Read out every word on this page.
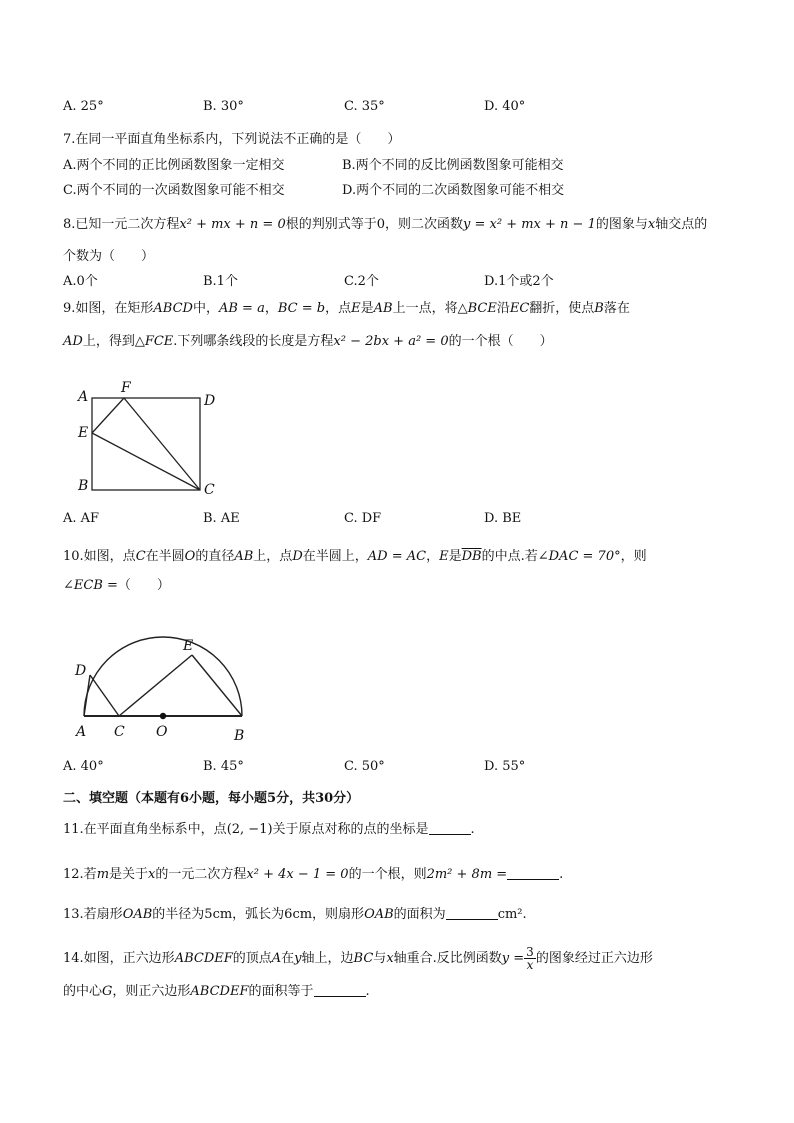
A. 25°	B. 30°	C. 35°	D. 40°
7.在同一平面直角坐标系内，下列说法不正确的是（　　）
A.两个不同的正比例函数图象一定相交	B.两个不同的反比例函数图象可能相交
C.两个不同的一次函数图象可能不相交	D.两个不同的二次函数图象可能不相交
8.已知一元二次方程x² + mx + n = 0根的判别式等于0，则二次函数y = x² + mx + n − 1的图象与x轴交点的
个数为（　　）
A.0个	B.1个	C.2个	D.1个或2个
9.如图，在矩形ABCD中，AB = a，BC = b，点E是AB上一点，将△BCE沿EC翻折，使点B落在
AD上，得到△FCE.下列哪条线段的长度是方程x² − 2bx + a² = 0的一个根（　　）
A
F
D
E
B	C
A. AF	B. AE	C. DF	D. BE
10.如图，点C在半圆O的直径AB上，点D在半圆上，AD = AC，E是$\overline{DB}$的中点.若∠DAC = 70°，则
∠ECB =（　　）
D
E
A C O	B
A. 40°	B. 45°	C. 50°	D. 55°
二、填空题（本题有6小题，每小题5分，共30分）
11.在平面直角坐标系中，点(2, −1)关于原点对称的点的坐标是	.
12.若m是关于x的一元二次方程x² + 4x − 1 = 0的一个根，则2m² + 8m =	.
13.若扇形OAB的半径为5cm，弧长为6cm，则扇形OAB的面积为	cm².
14.如图，正六边形ABCDEF的顶点A在y轴上，边BC与x轴重合.反比例函数$y = \frac{3}{x}$ 的图象经过正六边形
的中心G，则正六边形ABCDEF的面积等于	.
